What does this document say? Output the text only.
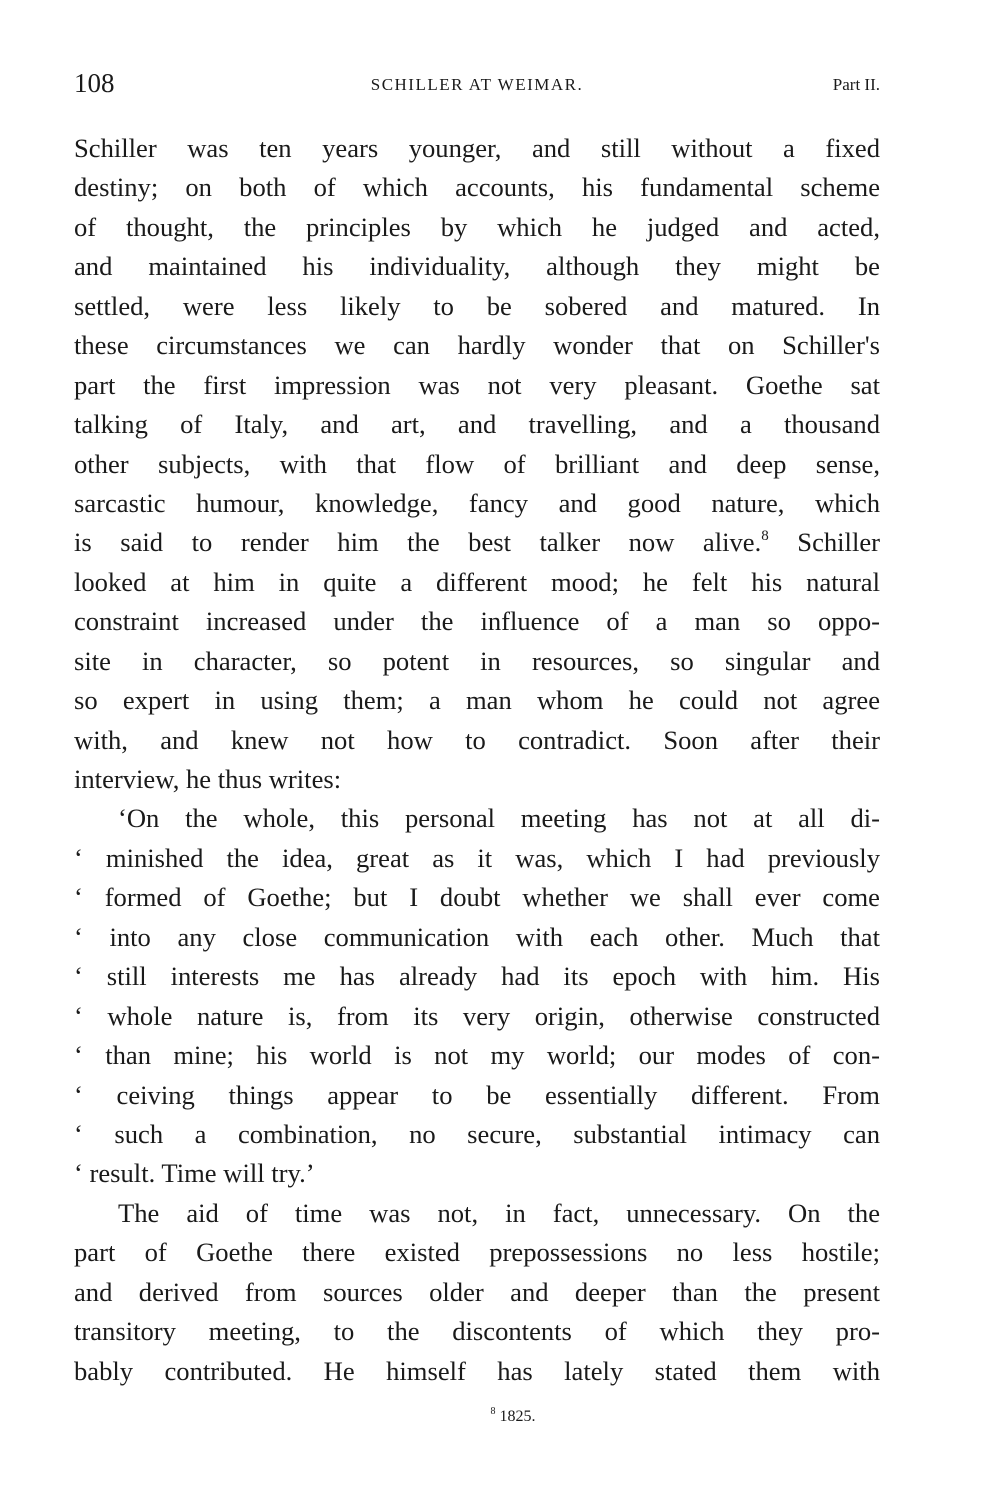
108	SCHILLER AT WEIMAR.	Part II.
Schiller was ten years younger, and still without a fixed
destiny; on both of which accounts, his fundamental scheme
of thought, the principles by which he judged and acted,
and maintained his individuality, although they might be
settled, were less likely to be sobered and matured. In
these circumstances we can hardly wonder that on Schiller's
part the first impression was not very pleasant. Goethe sat
talking of Italy, and art, and travelling, and a thousand
other subjects, with that flow of brilliant and deep sense,
sarcastic humour, knowledge, fancy and good nature, which
is said to render him the best talker now alive.$^8$ Schiller
looked at him in quite a different mood; he felt his natural
constraint increased under the influence of a man so oppo-
site in character, so potent in resources, so singular and
so expert in using them; a man whom he could not agree
with, and knew not how to contradict. Soon after their
interview, he thus writes:
‘On the whole, this personal meeting has not at all di-
‘ minished the idea, great as it was, which I had previously
‘ formed of Goethe; but I doubt whether we shall ever come
‘ into any close communication with each other. Much that
‘ still interests me has already had its epoch with him. His
‘ whole nature is, from its very origin, otherwise constructed
‘ than mine; his world is not my world; our modes of con-
‘ ceiving things appear to be essentially different. From
‘ such a combination, no secure, substantial intimacy can
‘ result. Time will try.’
The aid of time was not, in fact, unnecessary. On the
part of Goethe there existed prepossessions no less hostile;
and derived from sources older and deeper than the present
transitory meeting, to the discontents of which they pro-
bably contributed. He himself has lately stated them with
$^8$ 1825.
